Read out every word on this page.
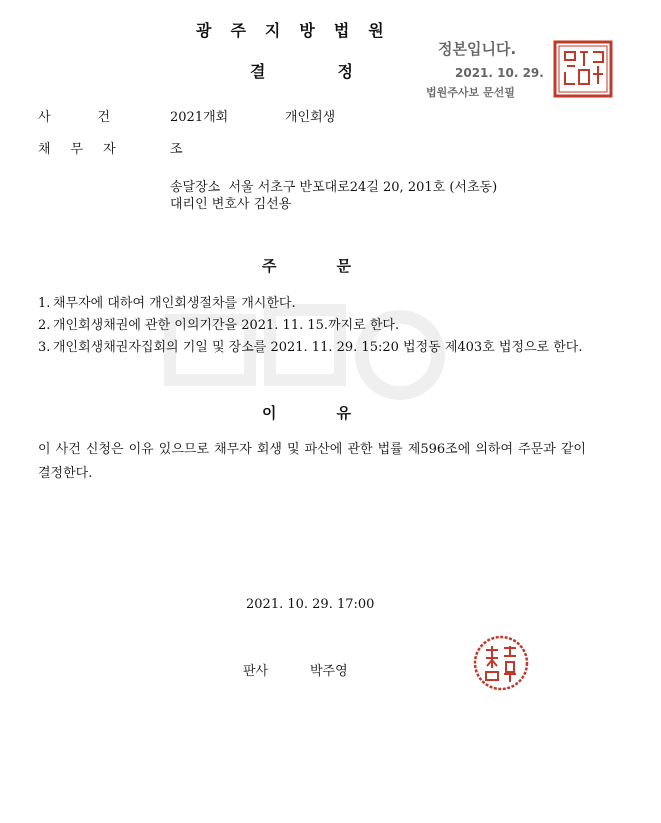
광주지방법원
결정
정본입니다.
2021. 10. 29.
법원주사보 문선필
사건 2021개회	개인회생
채무자	조
송달장소  서울 서초구 반포대로24길 20, 201호 (서초동)
대리인 변호사 김선용
주문
1. 채무자에 대하여 개인회생절차를 개시한다.
2. 개인회생채권에 관한 이의기간을 2021. 11. 15.까지로 한다.
3. 개인회생채권자집회의 기일 및 장소를 2021. 11. 29. 15:20 법정동 제403호 법정으로 한다.
이유
이 사건 신청은 이유 있으므로 채무자 회생 및 파산에 관한 법률 제596조에 의하여 주문과 같이 결정한다.
2021. 10. 29. 17:00
판사	박주영
